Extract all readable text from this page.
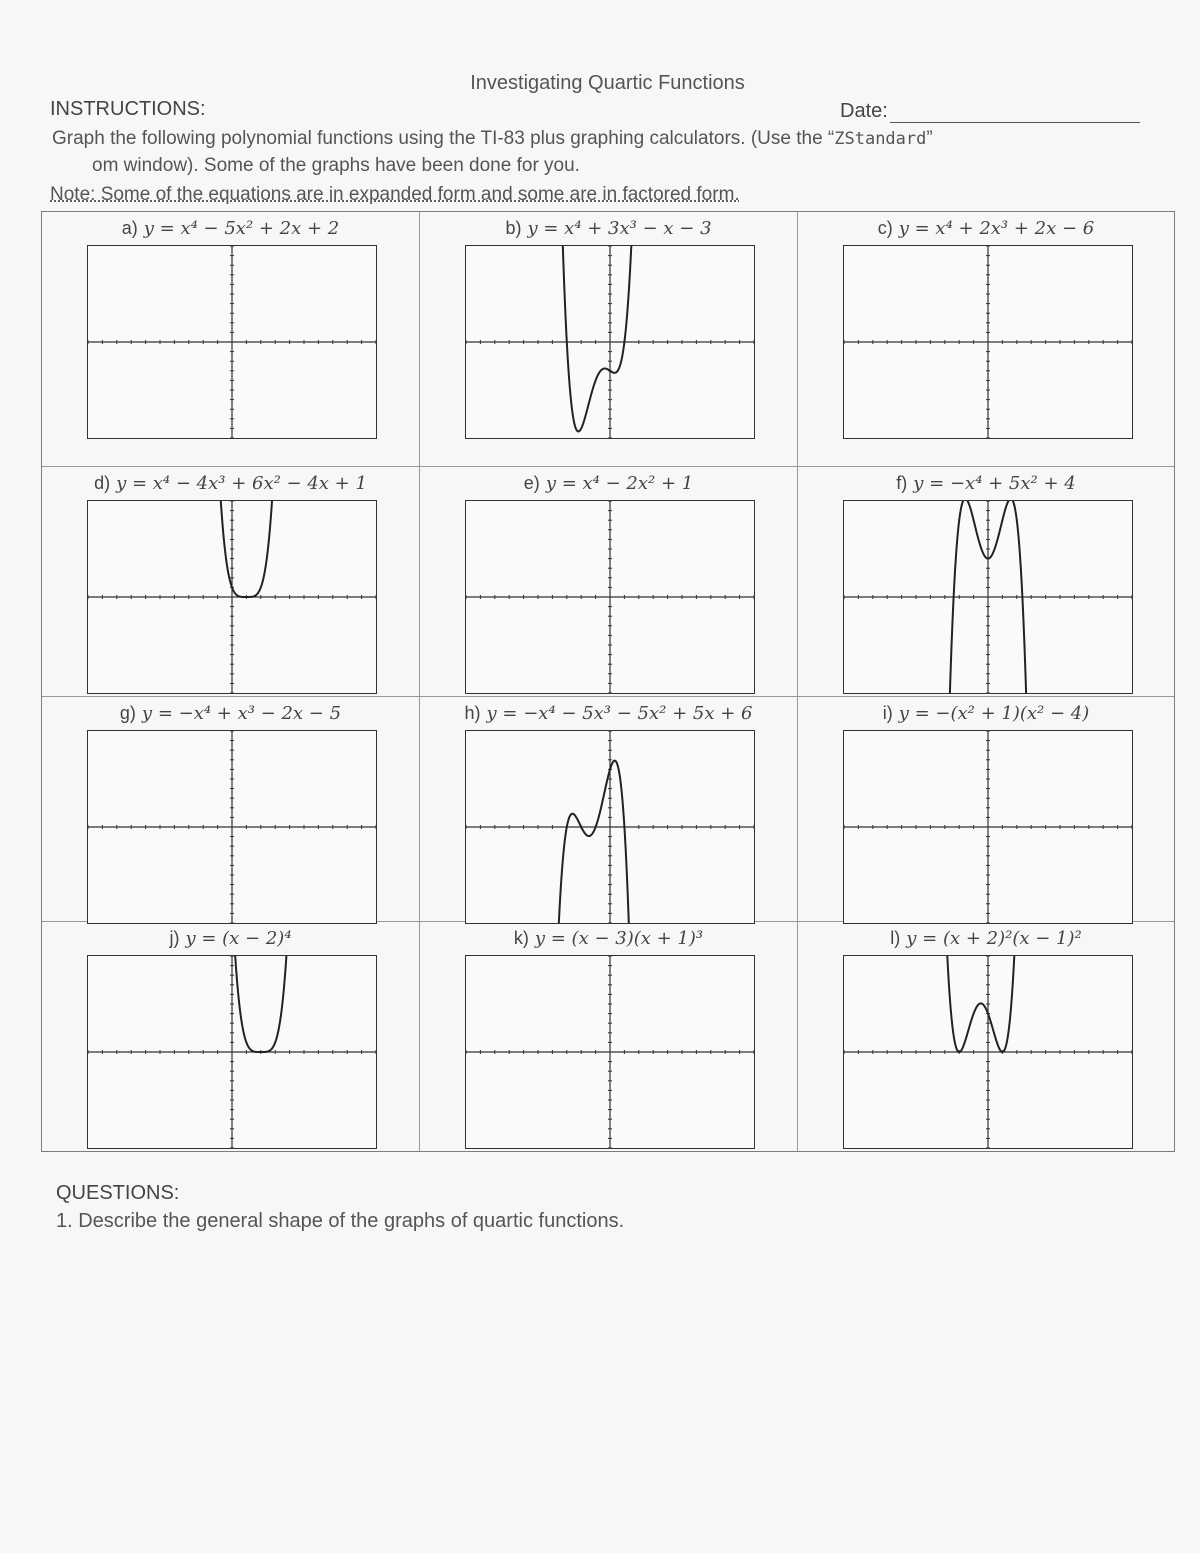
Investigating Quartic Functions
INSTRUCTIONS:	Date:
Graph the following polynomial functions using the TI-83 plus graphing calculators. (Use the “ZStandard”
om window). Some of the graphs have been done for you.
Note: Some of the equations are in expanded form and some are in factored form.
a) y = x⁴ − 5x² + 2x + 2	b) y = x⁴ + 3x³ − x − 3	c) y = x⁴ + 2x³ + 2x − 6
d) y = x⁴ − 4x³ + 6x² − 4x + 1	e) y = x⁴ − 2x² + 1	f) y = −x⁴ + 5x² + 4
g) y = −x⁴ + x³ − 2x − 5	h) y = −x⁴ − 5x³ − 5x² + 5x + 6	i) y = −(x² + 1)(x² − 4)
j) y = (x − 2)⁴	k) y = (x − 3)(x + 1)³	l) y = (x + 2)²(x − 1)²
QUESTIONS:
1. Describe the general shape of the graphs of quartic functions.
